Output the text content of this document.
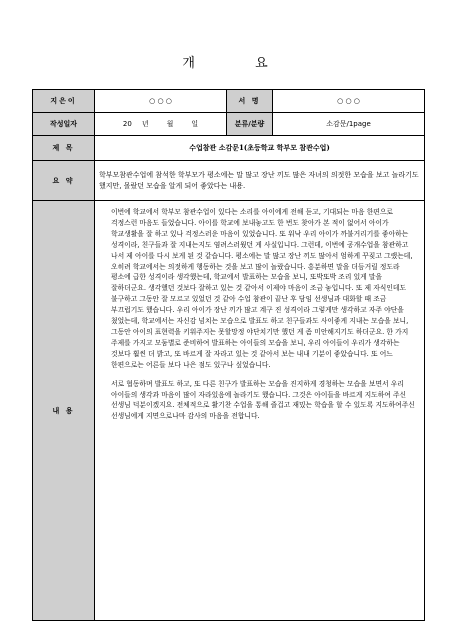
개 요
지은이	○ ○ ○	서 명	○ ○ ○
작성일자	20 년 월 일	분류/분량	소감문/1page
제 목	수업참관 소감문1(초등학교 학부모 참관수업)		
요 약	학부모참관수업에 참석한 학부모가 평소에는 말 많고 장난 끼도 많은 자녀의 의젓한 모습을 보고 놀라기도 했지만, 몰랐던 모습을 알게 되어 좋았다는 내용.		
내 용	이번에 학교에서 학부모 참관수업이 있다는 소리를 아이에게 전해 듣고, 기대되는 마음 한편으로 걱정스런 마음도 들었습니다. 아이를 학교에 보내놓고도 한 번도 찾아가 본 적이 없어서 아이가 학교생활을 잘 하고 있나 걱정스러운 마음이 있었습니다. 또 워낙 우리 아이가 까불거리기를 좋아하는 성격이라, 친구들과 잘 지내는지도 염려스러웠던 게 사실입니다. 그런데, 이번에 공개수업을 참관하고 나서 제 아이를 다시 보게 된 것 같습니다. 평소에는 말 많고 장난 끼도 많아서 엄하게 꾸짖고 그랬는데, 오히려 학교에서는 의젓하게 행동하는 것을 보고 많이 놀랐습니다. 흥분하면 말을 더듬거릴 정도라 평소에 급한 성격이라 생각했는데, 학교에서 발표하는 모습을 보니, 또박또박 조리 있게 말을 잘하더군요. 생각했던 것보다 잘하고 있는 것 같아서 이제야 마음이 조금 놓입니다. 또 제 자식인데도 불구하고 그동안 잘 모르고 있었던 것 같아 수업 참관이 끝난 후 담임 선생님과 대화할 때 조금 부끄럽기도 했습니다. 우리 아이가 장난 끼가 많고 계구 진 성격이라 그렇게만 생각하고 자주 야단을 쳤었는데, 학교에서는 자신감 넘치는 모습으로 발표도 하고 친구들과도 사이좋게 지내는 모습을 보니, 그동안 아이의 표현력을 키워주지는 못할망정 야단치기만 했던 게 좀 미안해지기도 하더군요. 한 가지 주제를 가지고 모둠별로 준비하여 발표하는 아이들의 모습을 보니, 우리 아이들이 우리가 생각하는 것보다 훨씬 더 밝고, 또 바르게 잘 자라고 있는 것 같아서 보는 내내 기분이 좋았습니다. 또 어느 한편으로는 어른들 보다 나은 점도 있구나 싶었습니다.

서로 협동하며 발표도 하고, 또 다른 친구가 발표하는 모습을 진지하게 경청하는 모습을 보면서 우리 아이들의 생각과 마음이 많이 자라있음에 놀라기도 했습니다. 그것은 아이들을 바르게 지도하여 주신 선생님 덕분이겠지요. 전체적으로 활기찬 수업을 통해 즐겁고 재밌는 학습을 할 수 있도록 지도하여주신 선생님에게 지면으로나마 감사의 마음을 전합니다.		
